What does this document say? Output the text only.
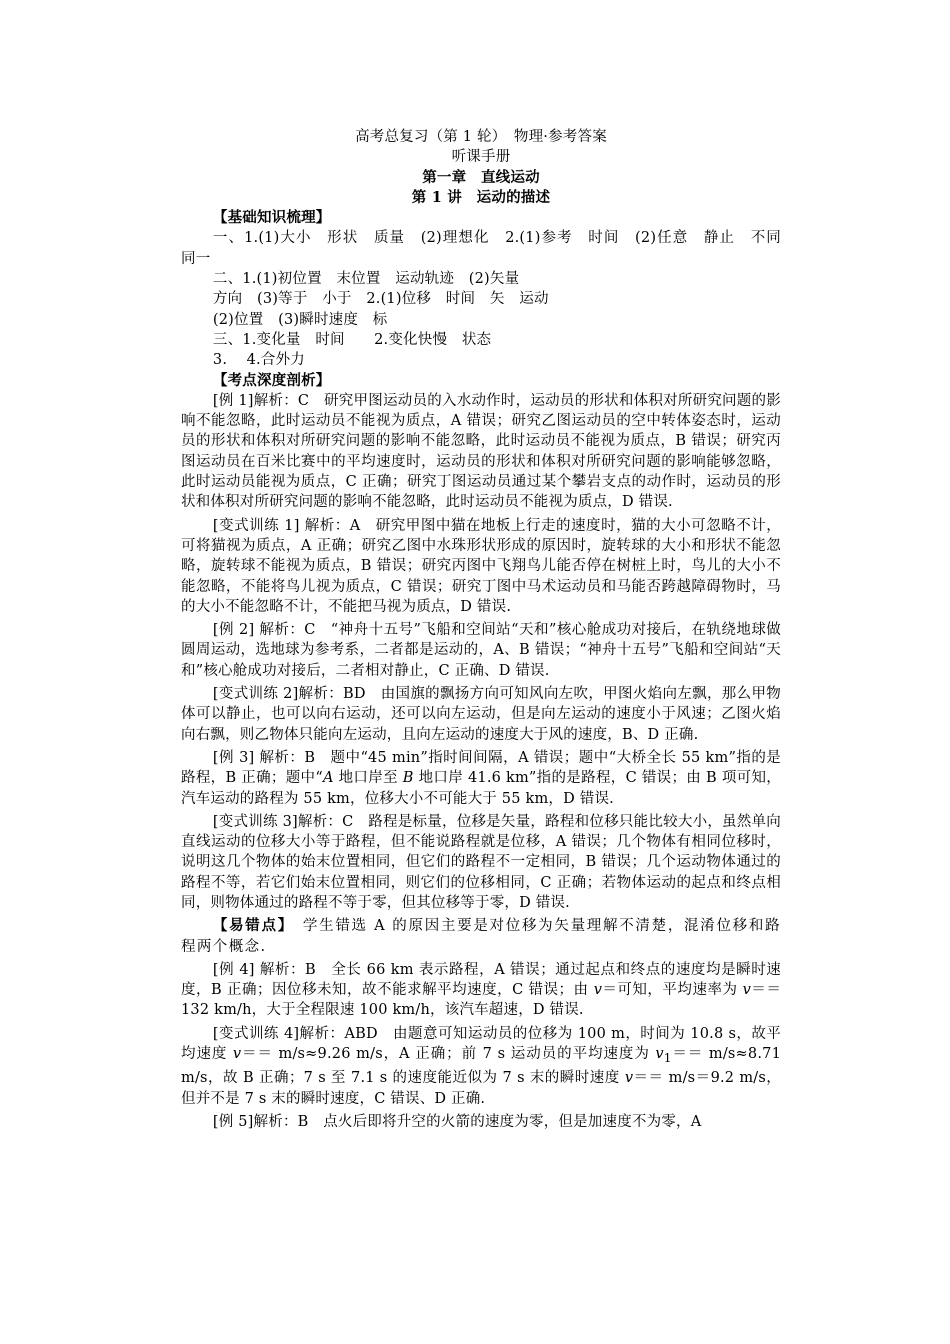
高考总复习（第 1 轮）　物理·参考答案
听课手册
第一章　直线运动
第 1 讲　运动的描述
【基础知识梳理】

一、1.(1)大小　形状　质量　(2)理想化　2.(1)参考　时间　(2)任意　静止　不同　同一

二、1.(1)初位置　末位置　运动轨迹　(2)矢量
方向　(3)等于　小于　2.(1)位移　时间　矢　运动
(2)位置　(3)瞬时速度　标
三、1.变化量　时间　　2.变化快慢　状态
3.　 4.合外力
【考点深度剖析】

[例 1]解析：C　研究甲图运动员的入水动作时，运动员的形状和体积对所研究问题的影响不能忽略，此时运动员不能视为质点，A 错误；研究乙图运动员的空中转体姿态时，运动员的形状和体积对所研究问题的影响不能忽略，此时运动员不能视为质点，B 错误；研究丙图运动员在百米比赛中的平均速度时，运动员的形状和体积对所研究问题的影响能够忽略，此时运动员能视为质点，C 正确；研究丁图运动员通过某个攀岩支点的动作时，运动员的形状和体积对所研究问题的影响不能忽略，此时运动员不能视为质点，D 错误.

[变式训练 1] 解析：A　研究甲图中猫在地板上行走的速度时，猫的大小可忽略不计，可将猫视为质点，A 正确；研究乙图中水珠形状形成的原因时，旋转球的大小和形状不能忽略，旋转球不能视为质点，B 错误；研究丙图中飞翔鸟儿能否停在树桩上时，鸟儿的大小不能忽略，不能将鸟儿视为质点，C 错误；研究丁图中马术运动员和马能否跨越障碍物时，马的大小不能忽略不计，不能把马视为质点，D 错误.

[例 2] 解析：C　“神舟十五号”飞船和空间站“天和”核心舱成功对接后，在轨绕地球做圆周运动，选地球为参考系，二者都是运动的，A、B 错误；“神舟十五号”飞船和空间站“天和”核心舱成功对接后，二者相对静止，C 正确、D 错误.

[变式训练 2]解析：BD　由国旗的飘扬方向可知风向左吹，甲图火焰向左飘，那么甲物体可以静止，也可以向右运动，还可以向左运动，但是向左运动的速度小于风速；乙图火焰向右飘，则乙物体只能向左运动，且向左运动的速度大于风的速度，B、D 正确.

[例 3] 解析：B　题中“45 min”指时间间隔，A 错误；题中“大桥全长 55 km”指的是路程，B 正确；题中“A 地口岸至 B 地口岸 41.6 km”指的是路程，C 错误；由 B 项可知，汽车运动的路程为 55 km，位移大小不可能大于 55 km，D 错误.

[变式训练 3]解析：C　路程是标量，位移是矢量，路程和位移只能比较大小，虽然单向直线运动的位移大小等于路程，但不能说路程就是位移，A 错误；几个物体有相同位移时，说明这几个物体的始末位置相同，但它们的路程不一定相同，B 错误；几个运动物体通过的路程不等，若它们始末位置相同，则它们的位移相同，C 正确；若物体运动的起点和终点相同，则物体通过的路程不等于零，但其位移等于零，D 错误.

【易错点】　 学生错选 A 的原因主要是对位移为矢量理解不清楚，混淆位移和路程两个概念.

[例 4] 解析：B　全长 66 km 表示路程，A 错误；通过起点和终点的速度均是瞬时速度，B 正确；因位移未知，故不能求解平均速度，C 错误；由 v＝可知，平均速率为 v＝＝132 km/h，大于全程限速 100 km/h，该汽车超速，D 错误.

[变式训练 4]解析：ABD　由题意可知运动员的位移为 100 m，时间为 10.8 s，故平均速度 v＝＝ m/s≈9.26 m/s，A 正确；前 7 s 运动员的平均速度为 $v_1== m/s\approx 8.71$ m/s，故 B 正确；7 s 至 7.1 s 的速度能近似为 7 s 末的瞬时速度 v＝＝ m/s＝9.2 m/s，但并不是 7 s 末的瞬时速度，C 错误、D 正确.

[例 5]解析：B　点火后即将升空的火箭的速度为零，但是加速度不为零，A
